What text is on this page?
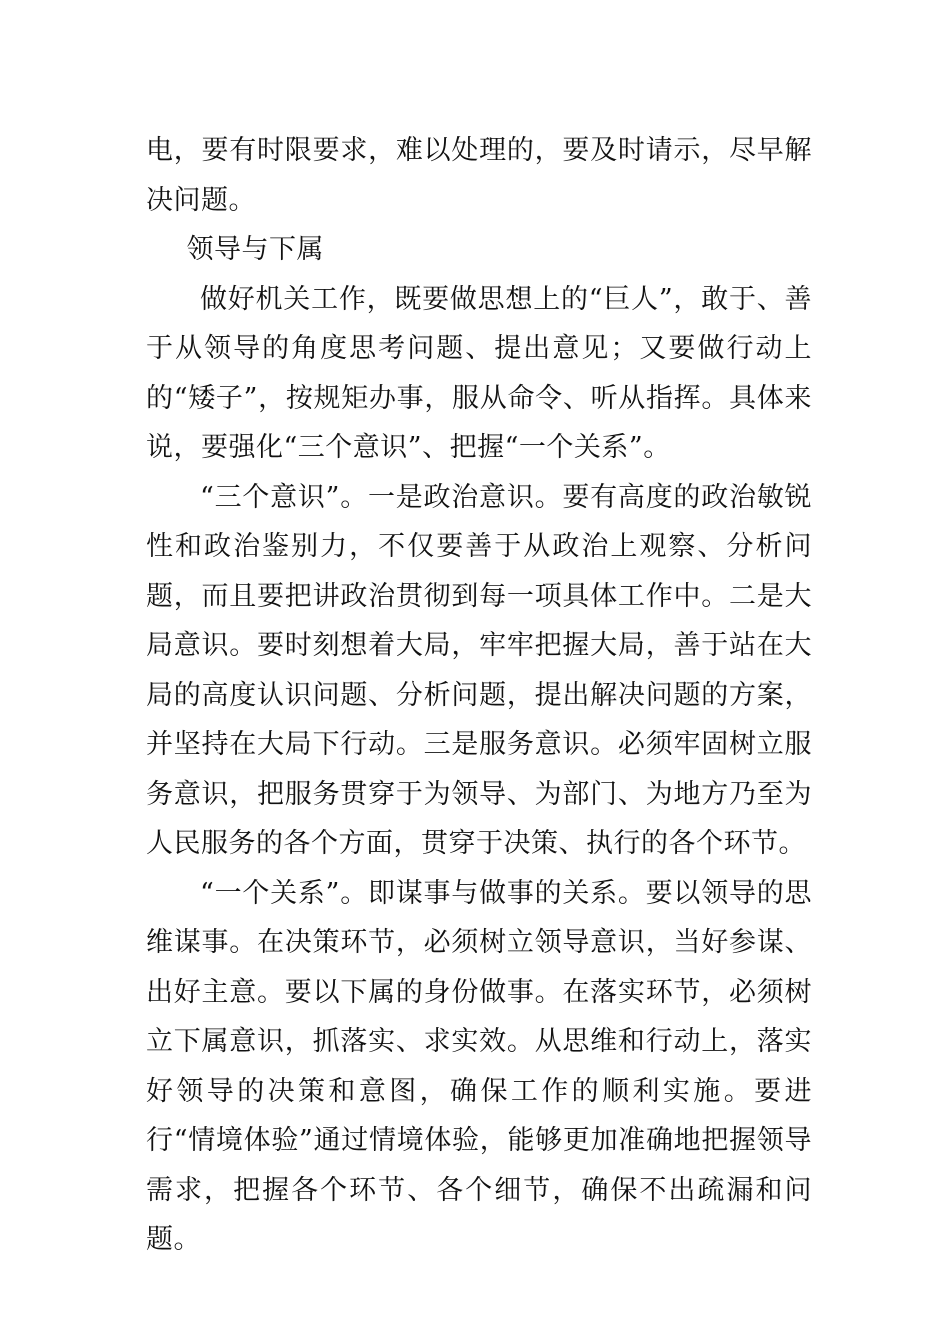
电，要有时限要求，难以处理的，要及时请示，尽早解决问题。

领导与下属

做好机关工作，既要做思想上的“巨人”，敢于、善于从领导的角度思考问题、提出意见；又要做行动上的“矮子”，按规矩办事，服从命令、听从指挥。具体来说，要强化“三个意识”、把握“一个关系”。

“三个意识”。一是政治意识。要有高度的政治敏锐性和政治鉴别力，不仅要善于从政治上观察、分析问题，而且要把讲政治贯彻到每一项具体工作中。二是大局意识。要时刻想着大局，牢牢把握大局，善于站在大局的高度认识问题、分析问题，提出解决问题的方案，并坚持在大局下行动。三是服务意识。必须牢固树立服务意识，把服务贯穿于为领导、为部门、为地方乃至为人民服务的各个方面，贯穿于决策、执行的各个环节。

“一个关系”。即谋事与做事的关系。要以领导的思维谋事。在决策环节，必须树立领导意识，当好参谋、出好主意。要以下属的身份做事。在落实环节，必须树立下属意识，抓落实、求实效。从思维和行动上，落实好领导的决策和意图，确保工作的顺利实施。要进行“情境体验”通过情境体验，能够更加准确地把握领导需求，把握各个环节、各个细节，确保不出疏漏和问题。
